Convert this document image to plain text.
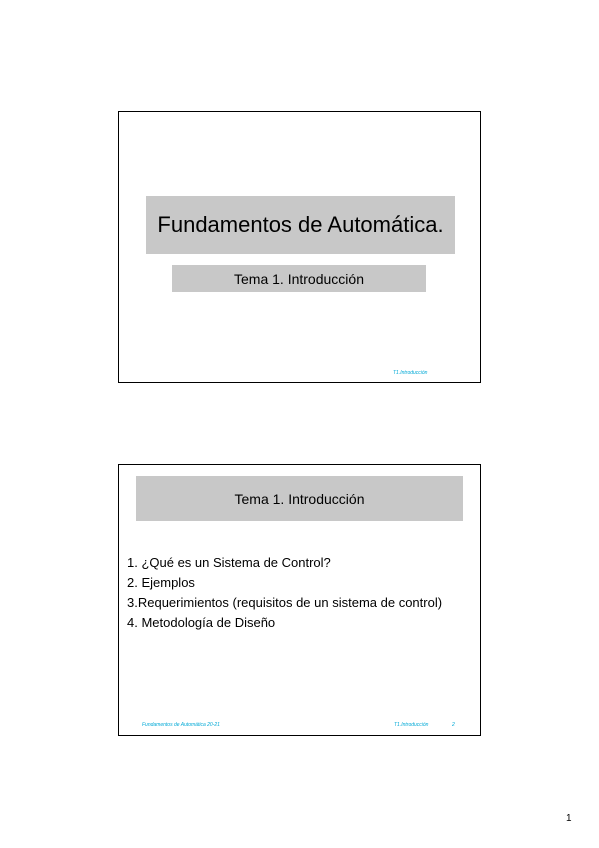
Fundamentos de Automática.
Tema 1. Introducción
T1.Introducción
Tema 1. Introducción
1. ¿Qué es un Sistema de Control?
2. Ejemplos
3.Requerimientos (requisitos de un sistema de control)
4. Metodología de Diseño
Fundamentos de Automática 20-21	T1.Introducción	2
1
